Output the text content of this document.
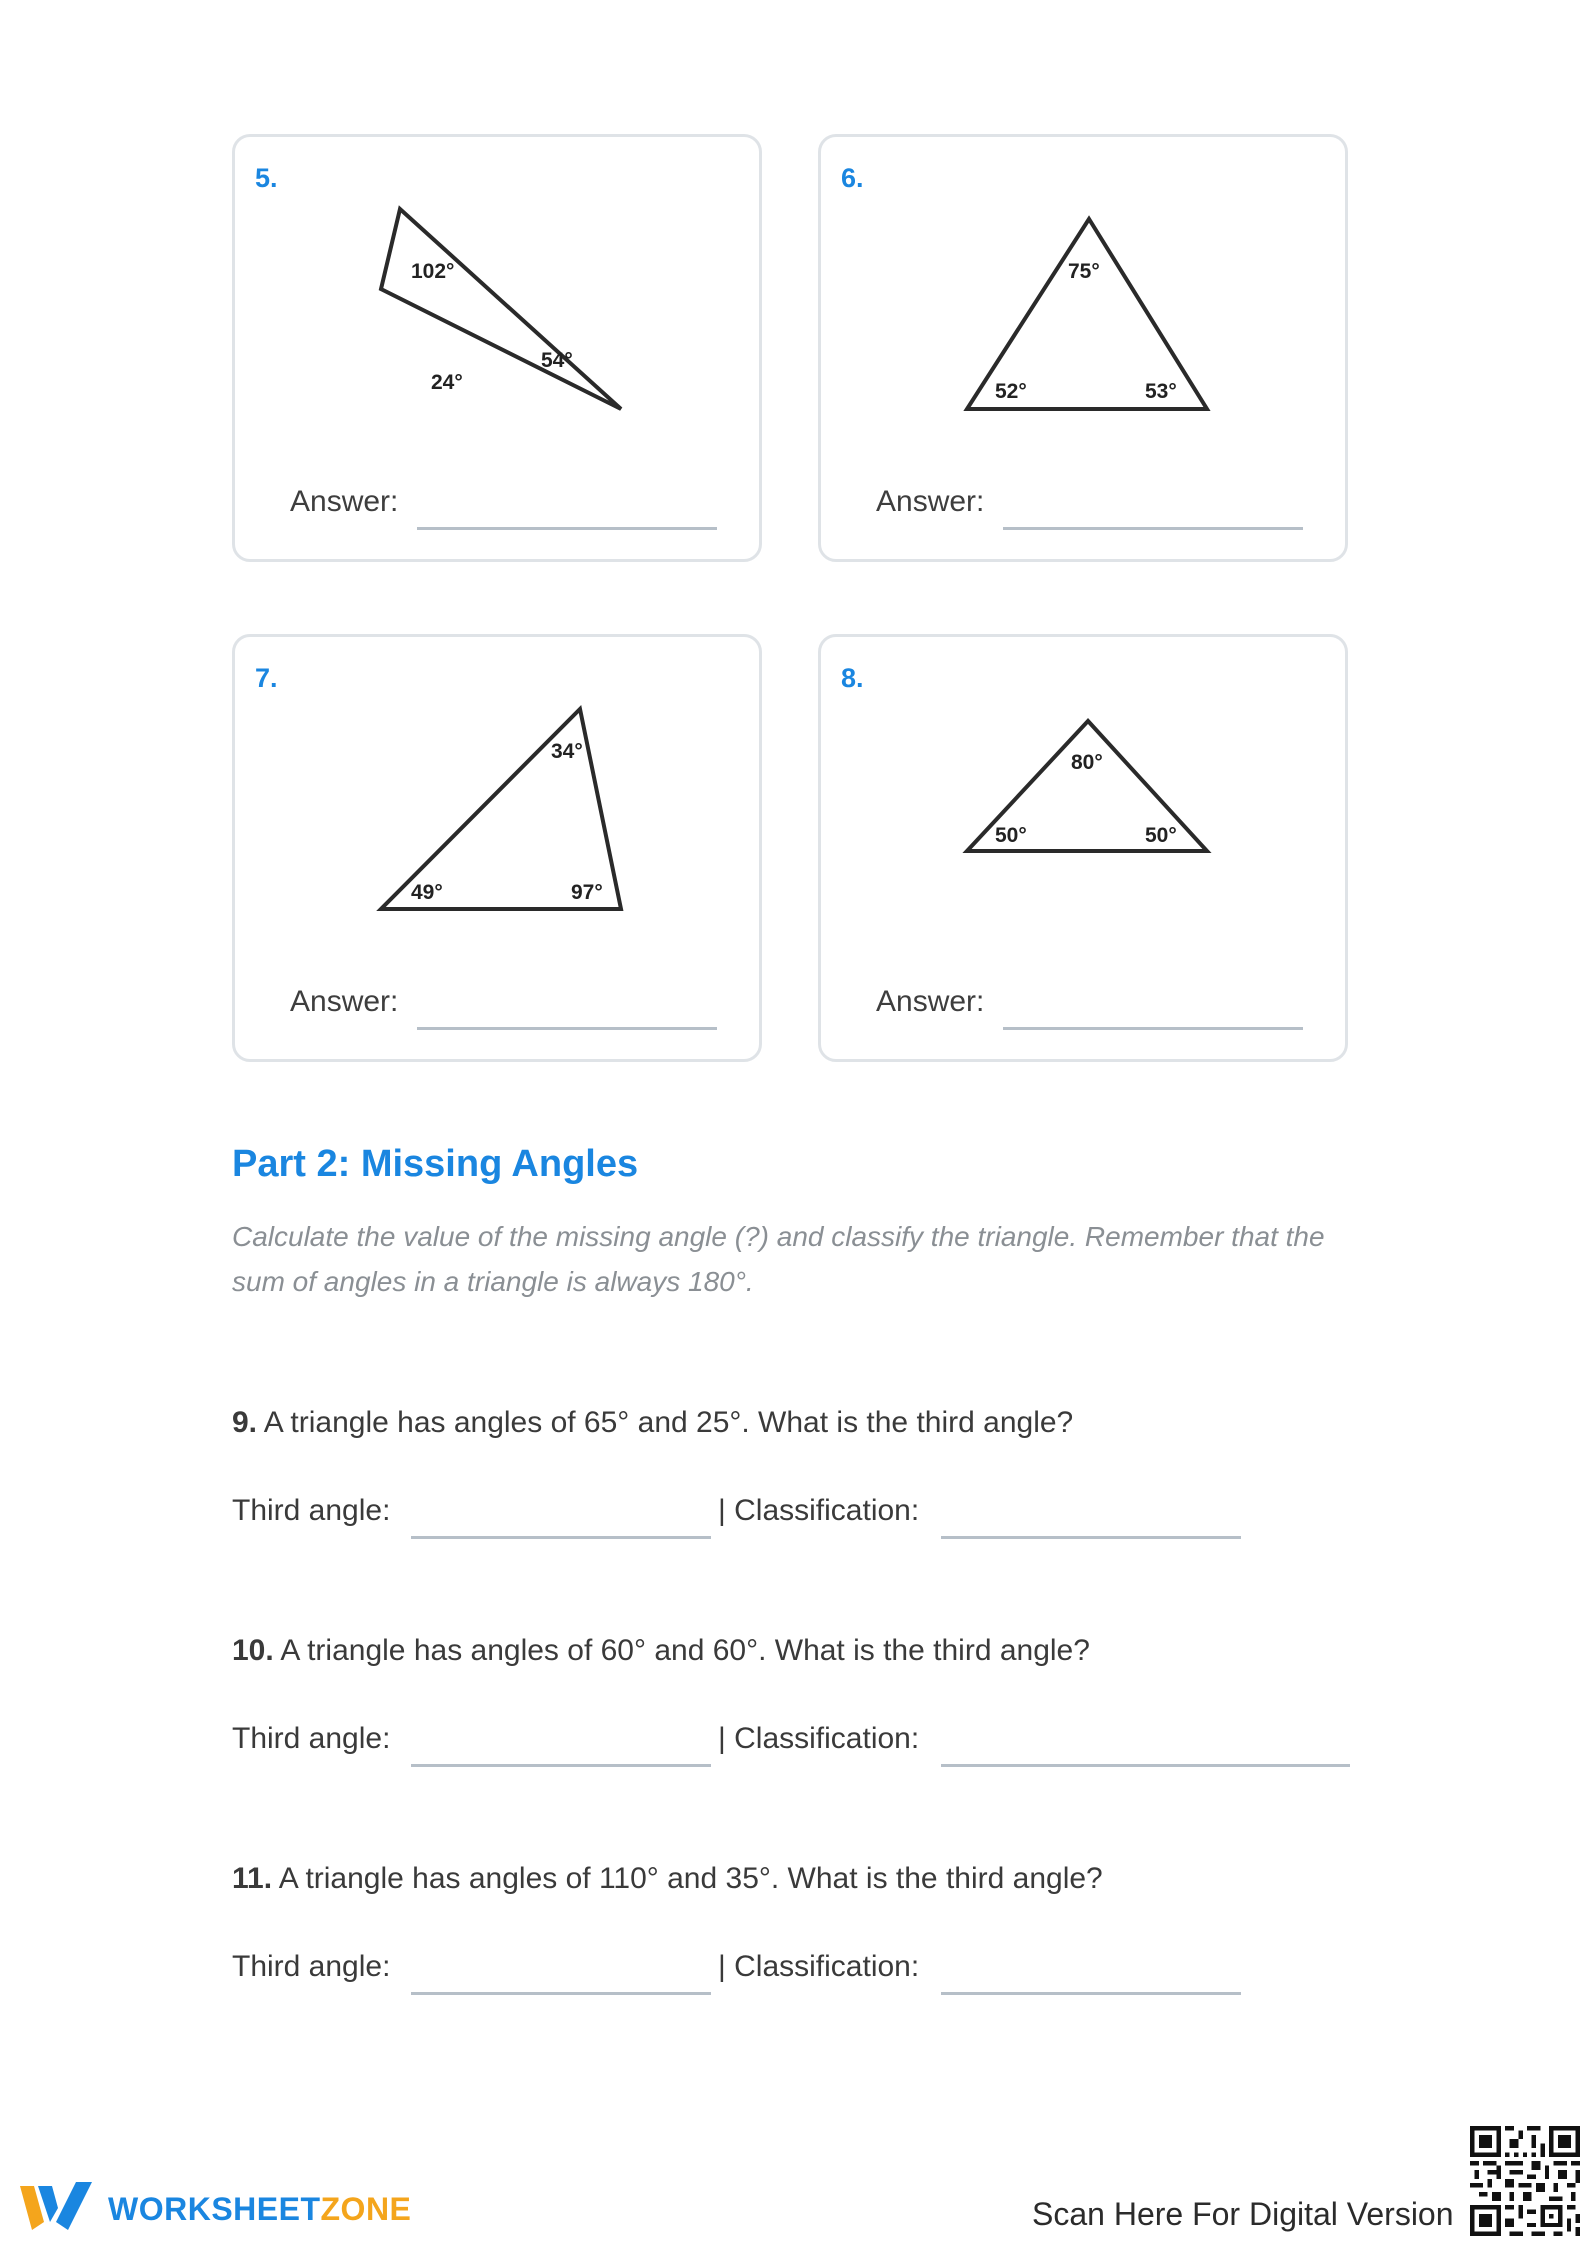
5.
102°
54°
24°
Answer:
6.
75°
52°	53°
Answer:
7.
34°
49°	97°
Answer:
8.
80°
50°	50°
Answer:
Part 2: Missing Angles

Calculate the value of the missing angle (?) and classify the triangle. Remember that the sum of angles in a triangle is always 180°.

9. A triangle has angles of 65° and 25°. What is the third angle?

Third angle:	| Classification:

10. A triangle has angles of 60° and 60°. What is the third angle?

Third angle:	| Classification:

11. A triangle has angles of 110° and 35°. What is the third angle?

Third angle:	| Classification:
WORKSHEETZONE	Scan Here For Digital Version
